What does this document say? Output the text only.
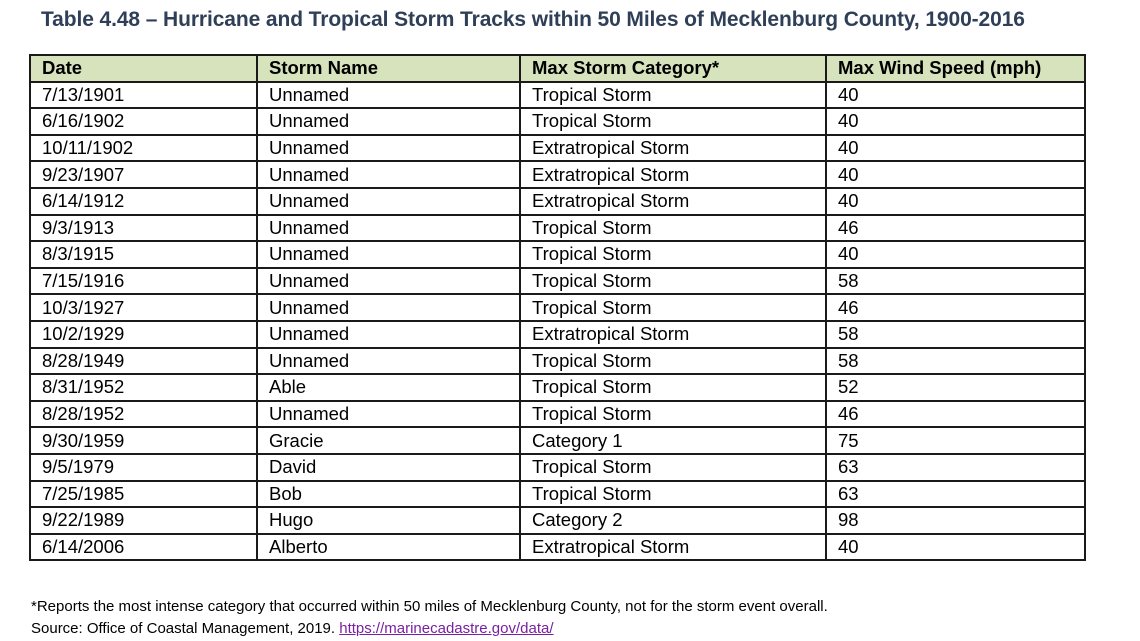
Table 4.48 – Hurricane and Tropical Storm Tracks within 50 Miles of Mecklenburg County, 1900-2016
Date	Storm Name	Max Storm Category*	Max Wind Speed (mph)
7/13/1901	Unnamed	Tropical Storm	40
6/16/1902	Unnamed	Tropical Storm	40
10/11/1902	Unnamed	Extratropical Storm	40
9/23/1907	Unnamed	Extratropical Storm	40
6/14/1912	Unnamed	Extratropical Storm	40
9/3/1913	Unnamed	Tropical Storm	46
8/3/1915	Unnamed	Tropical Storm	40
7/15/1916	Unnamed	Tropical Storm	58
10/3/1927	Unnamed	Tropical Storm	46
10/2/1929	Unnamed	Extratropical Storm	58
8/28/1949	Unnamed	Tropical Storm	58
8/31/1952	Able	Tropical Storm	52
8/28/1952	Unnamed	Tropical Storm	46
9/30/1959	Gracie	Category 1	75
9/5/1979	David	Tropical Storm	63
7/25/1985	Bob	Tropical Storm	63
9/22/1989	Hugo	Category 2	98
6/14/2006	Alberto	Extratropical Storm	40
*Reports the most intense category that occurred within 50 miles of Mecklenburg County, not for the storm event overall.
Source: Office of Coastal Management, 2019. https://marinecadastre.gov/data/
